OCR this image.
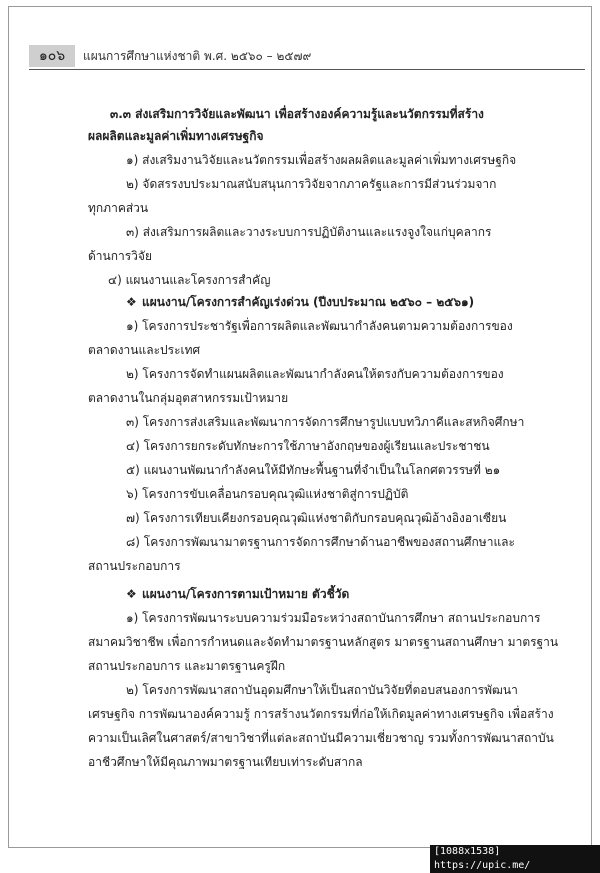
๑๐๖	แผนการศึกษาแห่งชาติ พ.ศ. ๒๕๖๐ – ๒๕๗๙
๓.๓ ส่งเสริมการวิจัยและพัฒนา เพื่อสร้างองค์ความรู้และนวัตกรรมที่สร้าง
ผลผลิตและมูลค่าเพิ่มทางเศรษฐกิจ
๑) ส่งเสริมงานวิจัยและนวัตกรรมเพื่อสร้างผลผลิตและมูลค่าเพิ่มทางเศรษฐกิจ
๒) จัดสรรงบประมาณสนับสนุนการวิจัยจากภาครัฐและการมีส่วนร่วมจาก
ทุกภาคส่วน
๓) ส่งเสริมการผลิตและวางระบบการปฏิบัติงานและแรงจูงใจแก่บุคลากร
ด้านการวิจัย
๔) แผนงานและโครงการสำคัญ
❖ แผนงาน/โครงการสำคัญเร่งด่วน (ปีงบประมาณ ๒๕๖๐ – ๒๕๖๑)
๑) โครงการประชารัฐเพื่อการผลิตและพัฒนากำลังคนตามความต้องการของ
ตลาดงานและประเทศ
๒) โครงการจัดทำแผนผลิตและพัฒนากำลังคนให้ตรงกับความต้องการของ
ตลาดงานในกลุ่มอุตสาหกรรมเป้าหมาย
๓) โครงการส่งเสริมและพัฒนาการจัดการศึกษารูปแบบทวิภาคีและสหกิจศึกษา
๔) โครงการยกระดับทักษะการใช้ภาษาอังกฤษของผู้เรียนและประชาชน
๕) แผนงานพัฒนากำลังคนให้มีทักษะพื้นฐานที่จำเป็นในโลกศตวรรษที่ ๒๑
๖) โครงการขับเคลื่อนกรอบคุณวุฒิแห่งชาติสู่การปฏิบัติ
๗) โครงการเทียบเคียงกรอบคุณวุฒิแห่งชาติกับกรอบคุณวุฒิอ้างอิงอาเซียน
๘) โครงการพัฒนามาตรฐานการจัดการศึกษาด้านอาชีพของสถานศึกษาและ
สถานประกอบการ
❖ แผนงาน/โครงการตามเป้าหมาย ตัวชี้วัด
๑) โครงการพัฒนาระบบความร่วมมือระหว่างสถาบันการศึกษา สถานประกอบการ
สมาคมวิชาชีพ เพื่อการกำหนดและจัดทำมาตรฐานหลักสูตร มาตรฐานสถานศึกษา มาตรฐาน
สถานประกอบการ และมาตรฐานครูฝึก
๒) โครงการพัฒนาสถาบันอุดมศึกษาให้เป็นสถาบันวิจัยที่ตอบสนองการพัฒนา
เศรษฐกิจ การพัฒนาองค์ความรู้ การสร้างนวัตกรรมที่ก่อให้เกิดมูลค่าทางเศรษฐกิจ เพื่อสร้าง
ความเป็นเลิศในศาสตร์/สาขาวิชาที่แต่ละสถาบันมีความเชี่ยวชาญ รวมทั้งการพัฒนาสถาบัน
อาชีวศึกษาให้มีคุณภาพมาตรฐานเทียบเท่าระดับสากล
[1088x1538] https://upic.me/
